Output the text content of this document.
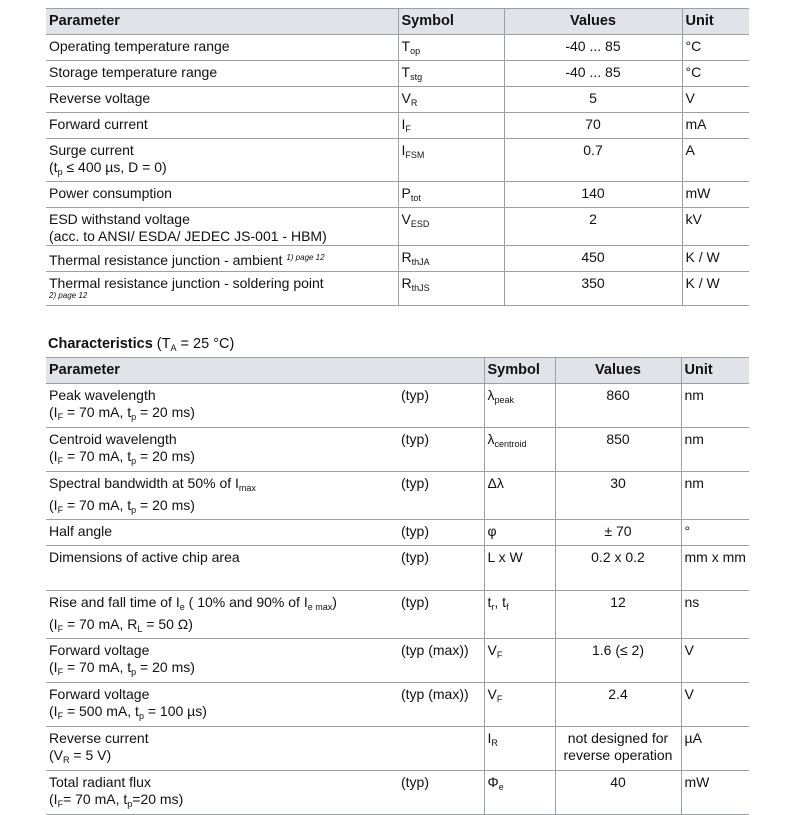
Parameter	Symbol	Values	Unit
Operating temperature range	$T_{op}$	-40 ... 85	°C
Storage temperature range	$T_{stg}$	-40 ... 85	°C
Reverse voltage	$V_R$	5	V
Forward current	$I_F$	70	mA
Surge current
($t_p \le 400$ µs, D = 0)	$I_{FSM}$	0.7	A
Power consumption	$P_{tot}$	140	mW
ESD withstand voltage
(acc. to ANSI/ ESDA/ JEDEC JS-001 - HBM)	$V_{ESD}$	2	kV
Thermal resistance junction - ambient $^{1) page 12}$	$R_{thJA}$	450	K / W
Thermal resistance junction - soldering point
2) page 12	$R_{thJS}$	350	K / W
Characteristics ($T_A = 25$ °C)
Parameter		Symbol	Values	Unit
Peak wavelength
($I_F = 70$ mA, $t_p = 20$ ms)	(typ)	$\lambda_{peak}$	860	nm
Centroid wavelength
($I_F = 70$ mA, $t_p = 20$ ms)	(typ)	$\lambda_{centroid}$	850	nm
Spectral bandwidth at 50% of $I_{max}$
($I_F = 70$ mA, $t_p = 20$ ms)	(typ)	Δλ	30	nm
Half angle	(typ)	φ	± 70	°
Dimensions of active chip area	(typ)	L x W	0.2 x 0.2	mm x mm
Rise and fall time of $I_e$ ( 10% and 90% of $I_{e max}$)
($I_F = 70$ mA, $R_L = 50$ Ω)	(typ)	$t_r$, $t_f$	12	ns
Forward voltage
($I_F = 70$ mA, $t_p = 20$ ms)	(typ (max))	$V_F$	1.6 (≤ 2)	V
Forward voltage
($I_F = 500$ mA, $t_p = 100$ µs)	(typ (max))	$V_F$	2.4	V
Reverse current
($V_R = 5$ V)		$I_R$	not designed for reverse operation	µA
Total radiant flux
($I_F= 70$ mA, $t_p=20$ ms)	(typ)	$\Phi_e$	40	mW
